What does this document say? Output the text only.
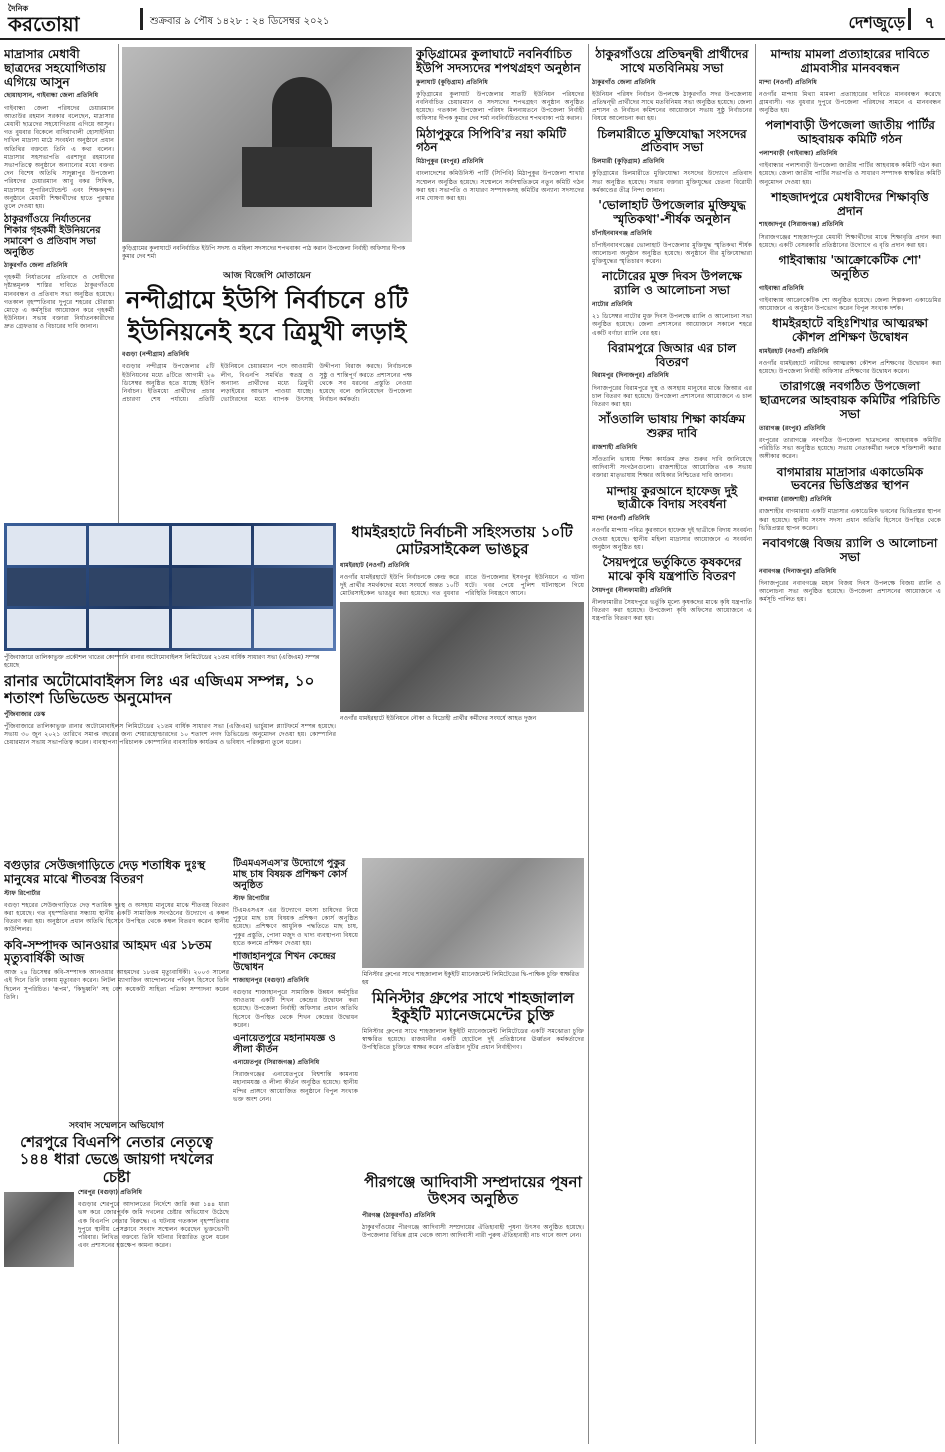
দৈনিক
করতোয়া	শুক্রবার ৯ পৌষ ১৪২৮ : ২৪ ডিসেম্বর ২০২১	দেশজুড়ে ৭
মাদ্রাসার মেধাবী ছাত্রদের সহযোগিতায় এগিয়ে আসুন

ছোয়াহাসান, গাইবান্ধা জেলা প্রতিনিধি

গাইবান্ধা জেলা পরিষদের চেয়ারম্যান আতাউর রহমান সরকার বলেছেন, মাদ্রাসার মেধাবী ছাত্রদের সহযোগিতায় এগিয়ে আসুন। গত বুধবার বিকেলে বাদিয়াখালী হোসাইনিয়া দাখিল মাদ্রাসা মাঠে সংবর্ধনা অনুষ্ঠানে প্রধান অতিথির বক্তব্যে তিনি এ কথা বলেন। মাদ্রাসার সহসভাপতি এরশাদুর রহমানের সভাপতিত্বে অনুষ্ঠানে অন্যান্যের মধ্যে বক্তব্য দেন বিশেষ অতিথি সাদুল্লাপুর উপজেলা পরিষদের চেয়ারম্যান আবু বকর সিদ্দিক, মাদ্রাসার সুপারিনটেন্ডেন্ট এবং শিক্ষকবৃন্দ। অনুষ্ঠানে মেধাবী শিক্ষার্থীদের হাতে পুরস্কার তুলে দেওয়া হয়।

ঠাকুরগাঁওয়ে নির্যাতনের শিকার গৃহকর্মী ইউনিয়নের সমাবেশ ও প্রতিবাদ সভা অনুষ্ঠিত

ঠাকুরগাঁও জেলা প্রতিনিধি

গৃহকর্মী নির্যাতনের প্রতিবাদে ও দোষীদের দৃষ্টান্তমূলক শাস্তির দাবিতে ঠাকুরগাঁওয়ে মানববন্ধন ও প্রতিবাদ সভা অনুষ্ঠিত হয়েছে। গতকাল বৃহস্পতিবার দুপুরে শহরের চৌরাস্তা মোড়ে এ কর্মসূচির আয়োজন করে গৃহকর্মী ইউনিয়ন। সভায় বক্তারা নির্যাতনকারীদের দ্রুত গ্রেফতার ও বিচারের দাবি জানান।

কুড়িগ্রামের কুলাঘাটে নবনির্বাচিত ইউপি সদস্য ও মহিলা সদস্যদের শপথবাক্য পাঠ করান উপজেলা নির্বাহী অফিসার দীপক কুমার দেব শর্মা

কুড়িগ্রামের কুলাঘাটে নবনির্বাচিত ইউপি সদস্যদের শপথগ্রহণ অনুষ্ঠান

কুলাঘাট (কুড়িগ্রাম) প্রতিনিধি

কুড়িগ্রামের কুলাঘাট উপজেলার সাতটি ইউনিয়ন পরিষদের নবনির্বাচিত চেয়ারম্যান ও সদস্যদের শপথগ্রহণ অনুষ্ঠান অনুষ্ঠিত হয়েছে। গতকাল উপজেলা পরিষদ মিলনায়তনে উপজেলা নির্বাহী অফিসার দীপক কুমার দেব শর্মা নবনির্বাচিতদের শপথবাক্য পাঠ করান।

মিঠাপুকুরে সিপিবি'র নয়া কমিটি গঠন

মিঠাপুকুর (রংপুর) প্রতিনিধি

বাংলাদেশের কমিউনিস্ট পার্টি (সিপিবি) মিঠাপুকুর উপজেলা শাখার সম্মেলন অনুষ্ঠিত হয়েছে। সম্মেলনে সর্বসম্মতিক্রমে নতুন কমিটি গঠন করা হয়। সভাপতি ও সাধারণ সম্পাদকসহ কমিটির অন্যান্য সদস্যদের নাম ঘোষণা করা হয়।

আজ বিজেপি মোতায়েন
নন্দীগ্রামে ইউপি নির্বাচনে ৪টি ইউনিয়নেই হবে ত্রিমুখী লড়াই

বগুড়া (নন্দীগ্রাম) প্রতিনিধি

বগুড়ার নন্দীগ্রাম উপজেলার ৫টি ইউনিয়নের মধ্যে ৪টিতে আগামী ২৬ ডিসেম্বর অনুষ্ঠিত হতে যাচ্ছে ইউপি নির্বাচন। ইতিমধ্যে প্রার্থীদের প্রচার প্রচারণা শেষ পর্যায়ে। প্রতিটি ইউনিয়নে চেয়ারম্যান পদে আওয়ামী লীগ, বিএনপি সমর্থিত স্বতন্ত্র ও অন্যান্য প্রার্থীদের মধ্যে ত্রিমুখী লড়াইয়ের আভাস পাওয়া যাচ্ছে। ভোটারদের মধ্যে ব্যাপক উৎসাহ উদ্দীপনা বিরাজ করছে। নির্বাচনকে সুষ্ঠু ও শান্তিপূর্ণ করতে প্রশাসনের পক্ষ থেকে সব ধরনের প্রস্তুতি নেওয়া হয়েছে বলে জানিয়েছেন উপজেলা নির্বাচন কর্মকর্তা।

ধামইরহাটে নির্বাচনী সহিংসতায় ১০টি মোটরসাইকেল ভাঙচুর

ধামইরহাট (নওগাঁ) প্রতিনিধি

নওগাঁর ধামইরহাটে ইউপি নির্বাচনকে কেন্দ্র করে দুই প্রার্থীর সমর্থকদের মধ্যে সংঘর্ষে অন্তত ১০টি মোটরসাইকেল ভাঙচুর করা হয়েছে। গত বুধবার রাতে উপজেলার ইসবপুর ইউনিয়নে এ ঘটনা ঘটে। খবর পেয়ে পুলিশ ঘটনাস্থলে গিয়ে পরিস্থিতি নিয়ন্ত্রণে আনে।

নওগাঁর ধামইরহাটে ইউনিয়নে নৌকা ও বিদ্রোহী প্রার্থীর কর্মীদের সংঘর্ষে আহত দুজন

পুঁজিবাজারে তালিকাভুক্ত প্রকৌশল খাতের কোম্পানি রানার অটোমোবাইলস লিমিটেডের ২১তম বার্ষিক সাধারণ সভা (এজিএম) সম্পন্ন হয়েছে

রানার অটোমোবাইলস লিঃ এর এজিএম সম্পন্ন, ১০ শতাংশ ডিভিডেন্ড অনুমোদন

পুঁজিবাজার ডেস্ক

পুঁজিবাজারে তালিকাভুক্ত রানার অটোমোবাইলস লিমিটেডের ২১তম বার্ষিক সাধারণ সভা (এজিএম) ভার্চুয়াল প্ল্যাটফর্মে সম্পন্ন হয়েছে। সভায় ৩০ জুন ২০২১ তারিখে সমাপ্ত বছরের জন্য শেয়ারহোল্ডারদের ১০ শতাংশ নগদ ডিভিডেন্ড অনুমোদন দেওয়া হয়। কোম্পানির চেয়ারম্যান সভায় সভাপতিত্ব করেন। ব্যবস্থাপনা পরিচালক কোম্পানির ব্যবসায়িক কার্যক্রম ও ভবিষ্যৎ পরিকল্পনা তুলে ধরেন।

বগুড়ার সেউজগাড়িতে দেড় শতাধিক দুঃস্থ মানুষের মাঝে শীতবস্ত্র বিতরণ

স্টাফ রিপোর্টার

বগুড়া শহরের সেউজগাড়িতে দেড় শতাধিক দুঃস্থ ও অসহায় মানুষের মাঝে শীতবস্ত্র বিতরণ করা হয়েছে। গত বৃহস্পতিবার সন্ধ্যায় স্থানীয় একটি সামাজিক সংগঠনের উদ্যোগে এ কম্বল বিতরণ করা হয়। অনুষ্ঠানে প্রধান অতিথি হিসেবে উপস্থিত থেকে কম্বল বিতরণ করেন স্থানীয় কাউন্সিলর।

কবি-সম্পাদক আনওয়ার আহমদ এর ১৮তম মৃত্যুবার্ষিকী আজ

আজ ২৪ ডিসেম্বর কবি-সম্পাদক আনওয়ার আহমদের ১৮তম মৃত্যুবার্ষিকী। ২০০৩ সালের এই দিনে তিনি ঢাকায় মৃত্যুবরণ করেন। লিটল ম্যাগাজিন আন্দোলনের পথিকৃৎ হিসেবে তিনি ছিলেন সুপরিচিত। 'রূপম', 'কিছুধ্বনি' সহ বেশ কয়েকটি সাহিত্য পত্রিকা সম্পাদনা করেন তিনি।

সংবাদ সম্মেলনে অভিযোগ
শেরপুরে বিএনপি নেতার নেতৃত্বে ১৪৪ ধারা ভেঙে জায়গা দখলের চেষ্টা

শেরপুর (বগুড়া) প্রতিনিধি

বগুড়ার শেরপুরে আদালতের নির্দেশে জারি করা ১৪৪ ধারা ভঙ্গ করে জোরপূর্বক জমি দখলের চেষ্টার অভিযোগ উঠেছে এক বিএনপি নেতার বিরুদ্ধে। এ ঘটনায় গতকাল বৃহস্পতিবার দুপুরে স্থানীয় প্রেসক্লাবে সংবাদ সম্মেলন করেছেন ভুক্তভোগী পরিবার। লিখিত বক্তব্যে তিনি ঘটনার বিস্তারিত তুলে ধরেন এবং প্রশাসনের হস্তক্ষেপ কামনা করেন।

টিএমএসএস'র উদ্যোগে পুকুর মাছ চাষ বিষয়ক প্রশিক্ষণ কোর্স অনুষ্ঠিত

স্টাফ রিপোর্টার

টিএমএসএস এর উদ্যোগে মৎস্য চাষিদের নিয়ে পুকুরে মাছ চাষ বিষয়ক প্রশিক্ষণ কোর্স অনুষ্ঠিত হয়েছে। প্রশিক্ষণে আধুনিক পদ্ধতিতে মাছ চাষ, পুকুর প্রস্তুতি, পোনা মজুদ ও খাদ্য ব্যবস্থাপনা বিষয়ে হাতে কলমে প্রশিক্ষণ দেওয়া হয়।

শাজাহানপুরে শিখন কেন্দ্রের উদ্বোধন

শাজাহানপুর (বগুড়া) প্রতিনিধি

বগুড়ার শাজাহানপুরে সামাজিক উন্নয়ন কর্মসূচির আওতায় একটি শিখন কেন্দ্রের উদ্বোধন করা হয়েছে। উপজেলা নির্বাহী অফিসার প্রধান অতিথি হিসেবে উপস্থিত থেকে শিখন কেন্দ্রের উদ্বোধন করেন।

এনায়েতপুরে মহানামযজ্ঞ ও লীলা কীর্তন

এনায়েতপুর (সিরাজগঞ্জ) প্রতিনিধি

সিরাজগঞ্জের এনায়েতপুরে বিশ্বশান্তি কামনায় মহানামযজ্ঞ ও লীলা কীর্তন অনুষ্ঠিত হয়েছে। স্থানীয় মন্দির প্রাঙ্গণে আয়োজিত অনুষ্ঠানে বিপুল সংখ্যক ভক্ত অংশ নেন।

মিনিস্টার গ্রুপের সাথে শাহজালাল ইকুইটি ম্যানেজমেন্ট লিমিটেডের দ্বি-পাক্ষিক চুক্তি স্বাক্ষরিত হয়

মিনিস্টার গ্রুপের সাথে শাহজালাল ইকুইটি ম্যানেজমেন্টের চুক্তি

মিনিস্টার গ্রুপের সাথে শাহজালাল ইকুইটি ম্যানেজমেন্ট লিমিটেডের একটি সমঝোতা চুক্তি স্বাক্ষরিত হয়েছে। রাজধানীর একটি হোটেলে দুই প্রতিষ্ঠানের ঊর্ধ্বতন কর্মকর্তাদের উপস্থিতিতে চুক্তিতে স্বাক্ষর করেন প্রতিষ্ঠান দুটির প্রধান নির্বাহীগণ।

পীরগঞ্জে আদিবাসী সম্প্রদায়ের পূষনা উৎসব অনুষ্ঠিত

পীরগঞ্জ (ঠাকুরগাঁও) প্রতিনিধি

ঠাকুরগাঁওয়ের পীরগঞ্জে আদিবাসী সম্প্রদায়ের ঐতিহ্যবাহী পূষনা উৎসব অনুষ্ঠিত হয়েছে। উপজেলার বিভিন্ন গ্রাম থেকে আসা আদিবাসী নারী পুরুষ ঐতিহ্যবাহী নাচ গানে অংশ নেন।

ঠাকুরগাঁওয়ে প্রতিদ্বন্দ্বী প্রার্থীদের সাথে মতবিনিময় সভা

ঠাকুরগাঁও জেলা প্রতিনিধি

ইউনিয়ন পরিষদ নির্বাচন উপলক্ষে ঠাকুরগাঁও সদর উপজেলায় প্রতিদ্বন্দ্বী প্রার্থীদের সাথে মতবিনিময় সভা অনুষ্ঠিত হয়েছে। জেলা প্রশাসন ও নির্বাচন কমিশনের আয়োজনে সভায় সুষ্ঠু নির্বাচনের বিষয়ে আলোচনা করা হয়।

চিলমারীতে মুক্তিযোদ্ধা সংসদের প্রতিবাদ সভা

চিলমারী (কুড়িগ্রাম) প্রতিনিধি

কুড়িগ্রামের চিলমারীতে মুক্তিযোদ্ধা সংসদের উদ্যোগে প্রতিবাদ সভা অনুষ্ঠিত হয়েছে। সভায় বক্তারা মুক্তিযুদ্ধের চেতনা বিরোধী কর্মকাণ্ডের তীব্র নিন্দা জানান।

'ভোলাহাট উপজেলার মুক্তিযুদ্ধ স্মৃতিকথা'-শীর্ষক অনুষ্ঠান

চাঁপাইনবাবগঞ্জ প্রতিনিধি

চাঁপাইনবাবগঞ্জের ভোলাহাট উপজেলার মুক্তিযুদ্ধ স্মৃতিকথা শীর্ষক আলোচনা অনুষ্ঠান অনুষ্ঠিত হয়েছে। অনুষ্ঠানে বীর মুক্তিযোদ্ধারা মুক্তিযুদ্ধের স্মৃতিচারণ করেন।

নাটোরের মুক্ত দিবস উপলক্ষে র‌্যালি ও আলোচনা সভা

নাটোর প্রতিনিধি

২১ ডিসেম্বর নাটোর মুক্ত দিবস উপলক্ষে র‌্যালি ও আলোচনা সভা অনুষ্ঠিত হয়েছে। জেলা প্রশাসনের আয়োজনে সকালে শহরে একটি বর্ণাঢ্য র‌্যালি বের হয়।

বিরামপুরে জিআর এর চাল বিতরণ

বিরামপুর (দিনাজপুর) প্রতিনিধি

দিনাজপুরের বিরামপুরে দুস্থ ও অসহায় মানুষের মাঝে জিআর এর চাল বিতরণ করা হয়েছে। উপজেলা প্রশাসনের আয়োজনে এ চাল বিতরণ করা হয়।

সাঁওতালি ভাষায় শিক্ষা কার্যক্রম শুরুর দাবি

রাজশাহী প্রতিনিধি

সাঁওতালি ভাষায় শিক্ষা কার্যক্রম দ্রুত শুরুর দাবি জানিয়েছে আদিবাসী সংগঠনগুলো। রাজশাহীতে আয়োজিত এক সভায় বক্তারা মাতৃভাষায় শিক্ষার অধিকার নিশ্চিতের দাবি জানান।

মান্দায় কুরআনে হাফেজ দুই ছাত্রীকে বিদায় সংবর্ধনা

মান্দা (নওগাঁ) প্রতিনিধি

নওগাঁর মান্দায় পবিত্র কুরআনে হাফেজ দুই ছাত্রীকে বিদায় সংবর্ধনা দেওয়া হয়েছে। স্থানীয় মহিলা মাদ্রাসার আয়োজনে এ সংবর্ধনা অনুষ্ঠান অনুষ্ঠিত হয়।

সৈয়দপুরে ভর্তুকিতে কৃষকদের মাঝে কৃষি যন্ত্রপাতি বিতরণ

সৈয়দপুর (নীলফামারী) প্রতিনিধি

নীলফামারীর সৈয়দপুরে ভর্তুকি মূল্যে কৃষকদের মাঝে কৃষি যন্ত্রপাতি বিতরণ করা হয়েছে। উপজেলা কৃষি অফিসের আয়োজনে এ যন্ত্রপাতি বিতরণ করা হয়।

মান্দায় মামলা প্রত্যাহারের দাবিতে গ্রামবাসীর মানববন্ধন

মান্দা (নওগাঁ) প্রতিনিধি

নওগাঁর মান্দায় মিথ্যা মামলা প্রত্যাহারের দাবিতে মানববন্ধন করেছে গ্রামবাসী। গত বুধবার দুপুরে উপজেলা পরিষদের সামনে এ মানববন্ধন অনুষ্ঠিত হয়।

পলাশবাড়ী উপজেলা জাতীয় পার্টির আহবায়ক কমিটি গঠন

পলাশবাড়ী (গাইবান্ধা) প্রতিনিধি

গাইবান্ধার পলাশবাড়ী উপজেলা জাতীয় পার্টির আহবায়ক কমিটি গঠন করা হয়েছে। জেলা জাতীয় পার্টির সভাপতি ও সাধারণ সম্পাদক স্বাক্ষরিত কমিটি অনুমোদন দেওয়া হয়।

শাহজাদপুরে মেধাবীদের শিক্ষাবৃত্তি প্রদান

শাহজাদপুর (সিরাজগঞ্জ) প্রতিনিধি

সিরাজগঞ্জের শাহজাদপুরে মেধাবী শিক্ষার্থীদের মাঝে শিক্ষাবৃত্তি প্রদান করা হয়েছে। একটি বেসরকারি প্রতিষ্ঠানের উদ্যোগে এ বৃত্তি প্রদান করা হয়।

গাইবান্ধায় 'আক্রোকেটিক শো' অনুষ্ঠিত

গাইবান্ধা প্রতিনিধি

গাইবান্ধায় আক্রোকেটিক শো অনুষ্ঠিত হয়েছে। জেলা শিল্পকলা একাডেমির আয়োজনে এ অনুষ্ঠান উপভোগ করেন বিপুল সংখ্যক দর্শক।

ধামইরহাটে বহিঃশিখার আত্মরক্ষা কৌশল প্রশিক্ষণ উদ্বোধন

ধামইরহাট (নওগাঁ) প্রতিনিধি

নওগাঁর ধামইরহাটে নারীদের আত্মরক্ষা কৌশল প্রশিক্ষণের উদ্বোধন করা হয়েছে। উপজেলা নির্বাহী অফিসার প্রশিক্ষণের উদ্বোধন করেন।

তারাগঞ্জে নবগঠিত উপজেলা ছাত্রদলের আহবায়ক কমিটির পরিচিতি সভা

তারাগঞ্জ (রংপুর) প্রতিনিধি

রংপুরের তারাগঞ্জে নবগঠিত উপজেলা ছাত্রদলের আহবায়ক কমিটির পরিচিতি সভা অনুষ্ঠিত হয়েছে। সভায় নেতাকর্মীরা দলকে শক্তিশালী করার অঙ্গীকার করেন।

বাগমারায় মাদ্রাসার একাডেমিক ভবনের ভিত্তিপ্রস্তর স্থাপন

বাগমারা (রাজশাহী) প্রতিনিধি

রাজশাহীর বাগমারায় একটি মাদ্রাসার একাডেমিক ভবনের ভিত্তিপ্রস্তর স্থাপন করা হয়েছে। স্থানীয় সংসদ সদস্য প্রধান অতিথি হিসেবে উপস্থিত থেকে ভিত্তিপ্রস্তর স্থাপন করেন।

নবাবগঞ্জে বিজয় র‌্যালি ও আলোচনা সভা

নবাবগঞ্জ (দিনাজপুর) প্রতিনিধি

দিনাজপুরের নবাবগঞ্জে মহান বিজয় দিবস উপলক্ষে বিজয় র‌্যালি ও আলোচনা সভা অনুষ্ঠিত হয়েছে। উপজেলা প্রশাসনের আয়োজনে এ কর্মসূচি পালিত হয়।
